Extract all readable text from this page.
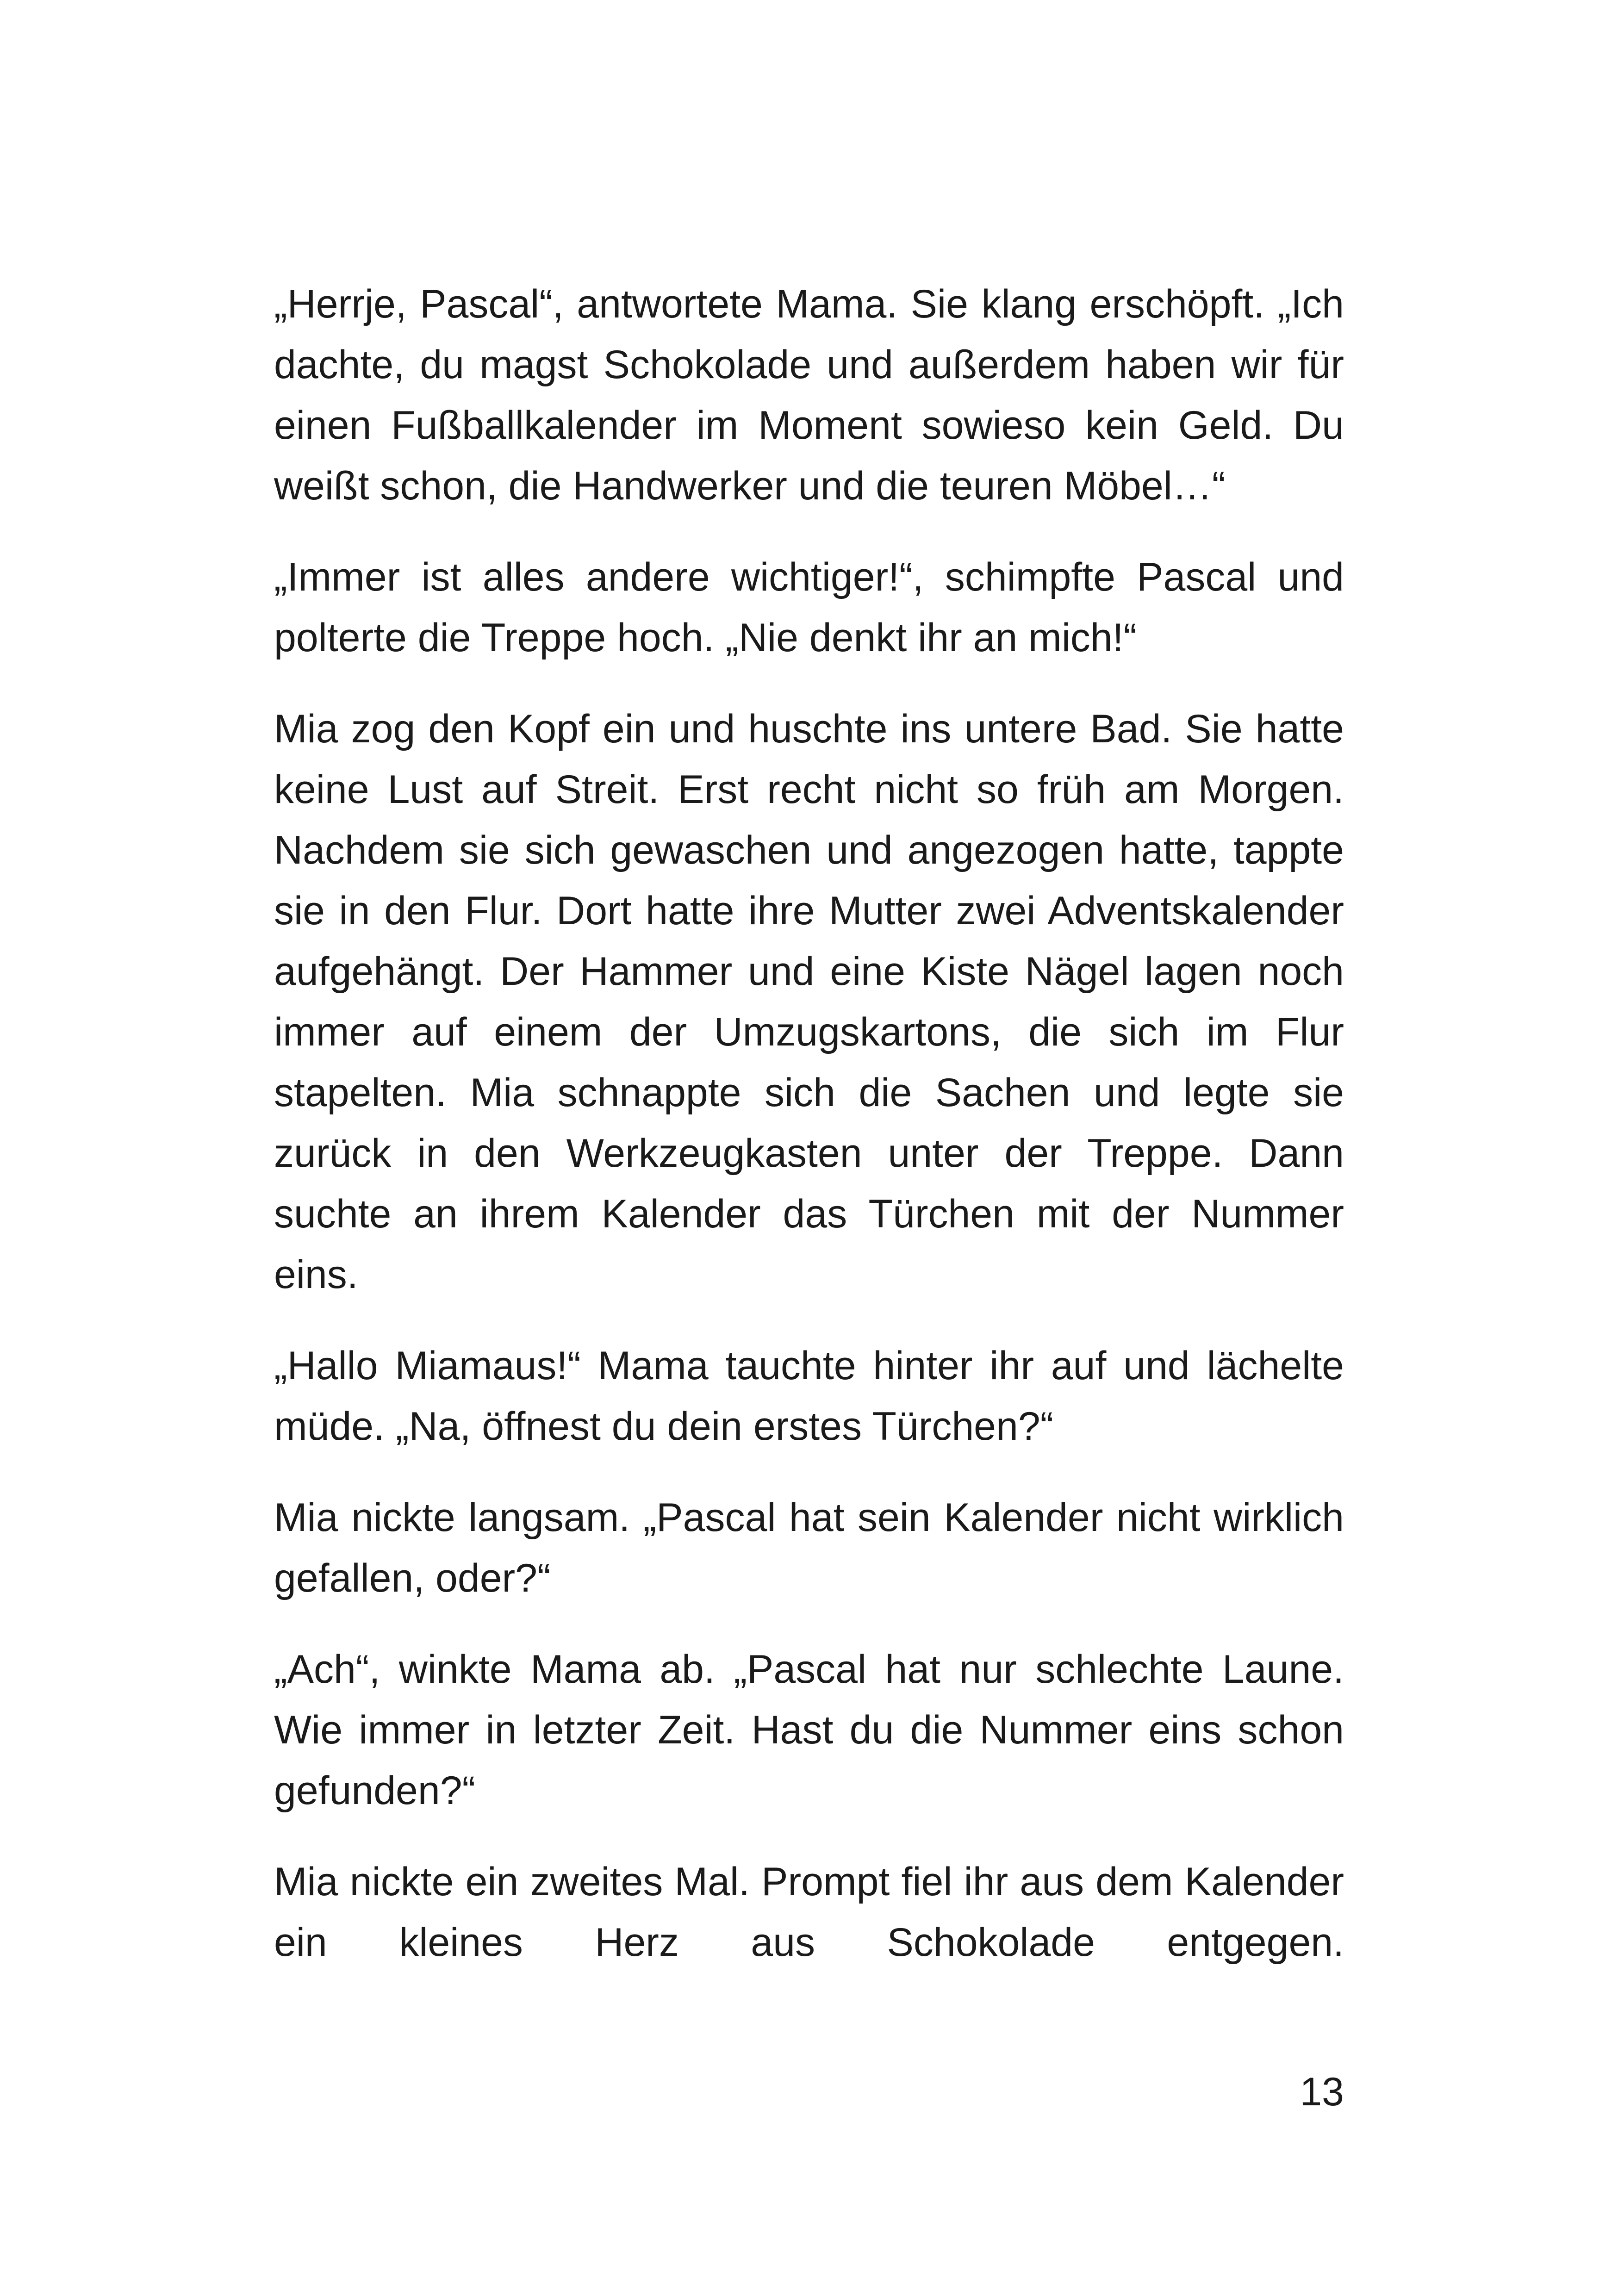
„Herrje, Pascal“, antwortete Mama. Sie klang erschöpft. „Ich dachte, du magst Schokolade und außerdem haben wir für einen Fußballkalender im Moment sowieso kein Geld. Du weißt schon, die Handwerker und die teuren Möbel…“

„Immer ist alles andere wichtiger!“, schimpfte Pascal und polterte die Treppe hoch. „Nie denkt ihr an mich!“

Mia zog den Kopf ein und huschte ins untere Bad. Sie hatte keine Lust auf Streit. Erst recht nicht so früh am Morgen. Nachdem sie sich gewaschen und angezogen hatte, tappte sie in den Flur. Dort hatte ihre Mutter zwei Adventskalender aufgehängt. Der Hammer und eine Kiste Nägel lagen noch immer auf einem der Umzugskartons, die sich im Flur stapelten. Mia schnappte sich die Sachen und legte sie zurück in den Werkzeugkasten unter der Treppe. Dann suchte an ihrem Kalender das Türchen mit der Nummer eins.

„Hallo Miamaus!“ Mama tauchte hinter ihr auf und lächelte müde. „Na, öffnest du dein erstes Türchen?“

Mia nickte langsam. „Pascal hat sein Kalender nicht wirklich gefallen, oder?“

„Ach“, winkte Mama ab. „Pascal hat nur schlechte Laune. Wie immer in letzter Zeit. Hast du die Nummer eins schon gefunden?“

Mia nickte ein zweites Mal. Prompt fiel ihr aus dem Kalender ein kleines Herz aus Schokolade entgegen.

13
